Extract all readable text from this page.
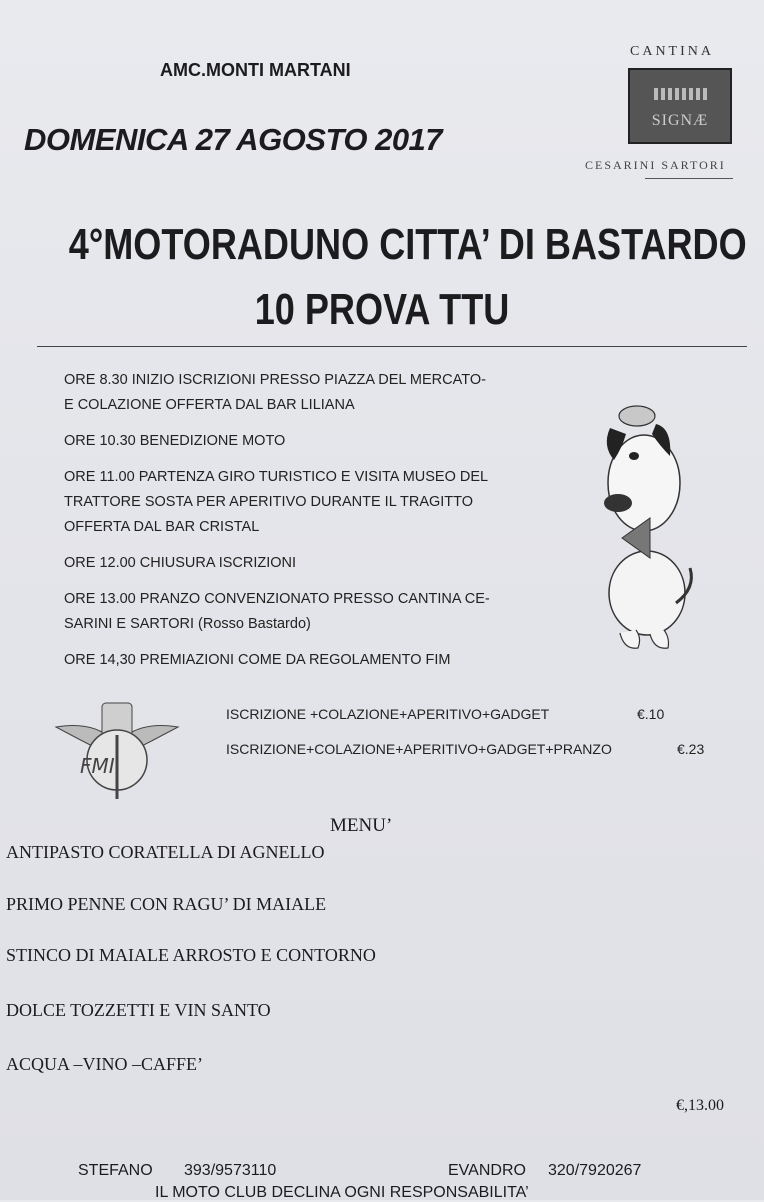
AMC.MONTI MARTANI
DOMENICA 27 AGOSTO 2017
CANTINA
SIGNÆ
CESARINI SARTORI
4°MOTORADUNO CITTA’ DI BASTARDO
10 PROVA TTU

ORE 8.30 INIZIO ISCRIZIONI PRESSO PIAZZA DEL MERCATO-
E COLAZIONE OFFERTA DAL BAR LILIANA

ORE 10.30 BENEDIZIONE MOTO

ORE 11.00 PARTENZA GIRO TURISTICO E VISITA MUSEO DEL
TRATTORE SOSTA PER APERITIVO DURANTE IL TRAGITTO
OFFERTA DAL BAR CRISTAL

ORE 12.00 CHIUSURA ISCRIZIONI

ORE 13.00 PRANZO CONVENZIONATO PRESSO CANTINA CE-
SARINI E SARTORI (Rosso Bastardo)

ORE 14,30 PREMIAZIONI COME DA REGOLAMENTO FIM

FMI
ISCRIZIONE +COLAZIONE+APERITIVO+GADGET	€.10
ISCRIZIONE+COLAZIONE+APERITIVO+GADGET+PRANZO	€.23
MENU’
ANTIPASTO CORATELLA DI AGNELLO
PRIMO PENNE CON RAGU’ DI MAIALE
STINCO DI MAIALE ARROSTO E CONTORNO
DOLCE TOZZETTI E VIN SANTO
ACQUA –VINO –CAFFE’
€,13.00
STEFANO 393/9573110	EVANDRO 320/7920267
IL MOTO CLUB DECLINA OGNI RESPONSABILITA’
